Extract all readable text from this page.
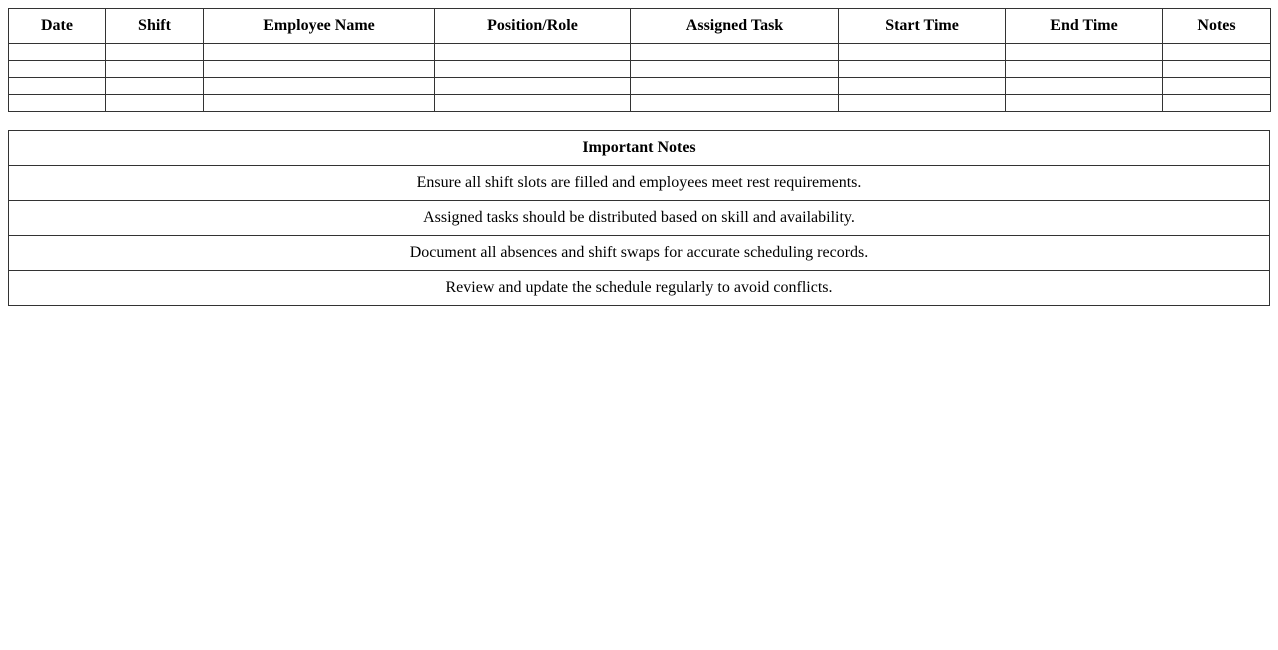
Date	Shift	Employee Name	Position/Role	Assigned Task	Start Time	End Time	Notes

Important Notes
Ensure all shift slots are filled and employees meet rest requirements.
Assigned tasks should be distributed based on skill and availability.
Document all absences and shift swaps for accurate scheduling records.
Review and update the schedule regularly to avoid conflicts.
